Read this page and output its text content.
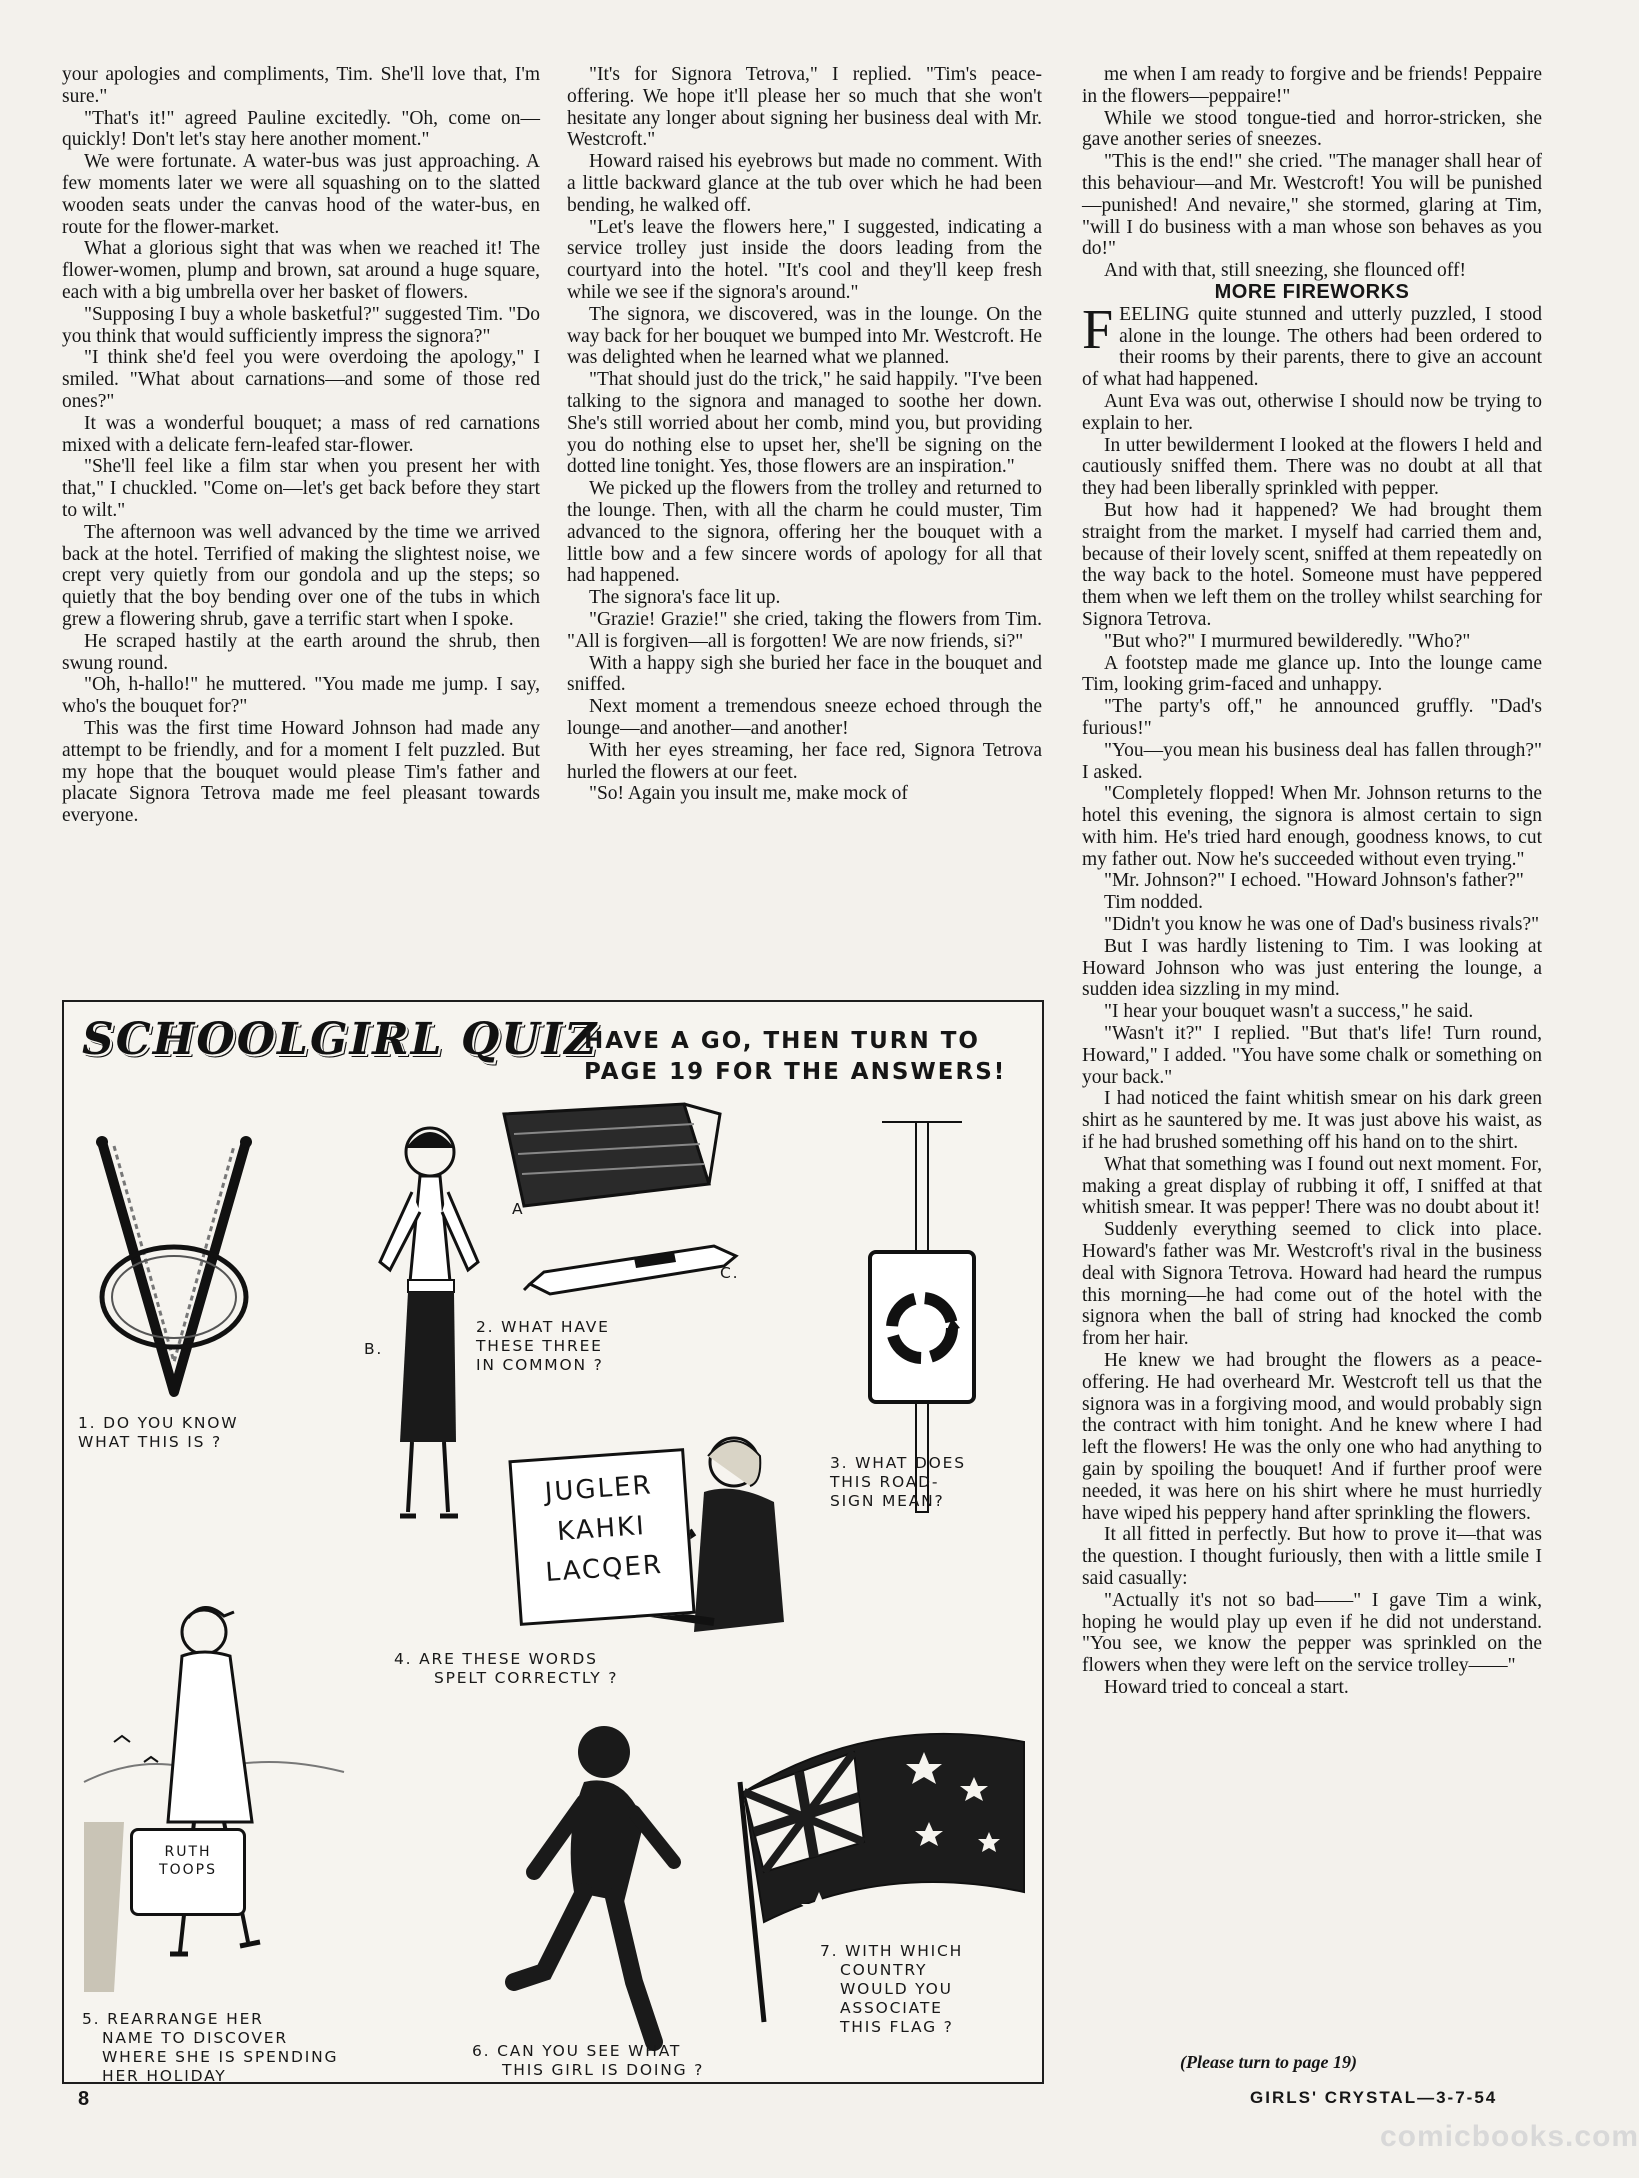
your apologies and compliments, Tim. She'll love that, I'm sure."

"That's it!" agreed Pauline excitedly. "Oh, come on—quickly! Don't let's stay here another moment."

We were fortunate. A water-bus was just approaching. A few moments later we were all squashing on to the slatted wooden seats under the canvas hood of the water-bus, en route for the flower-market.

What a glorious sight that was when we reached it! The flower-women, plump and brown, sat around a huge square, each with a big umbrella over her basket of flowers.

"Supposing I buy a whole basketful?" suggested Tim. "Do you think that would sufficiently impress the signora?"

"I think she'd feel you were overdoing the apology," I smiled. "What about carnations—and some of those red ones?"

It was a wonderful bouquet; a mass of red carnations mixed with a delicate fern-leafed star-flower.

"She'll feel like a film star when you present her with that," I chuckled. "Come on—let's get back before they start to wilt."

The afternoon was well advanced by the time we arrived back at the hotel. Terrified of making the slightest noise, we crept very quietly from our gondola and up the steps; so quietly that the boy bending over one of the tubs in which grew a flowering shrub, gave a terrific start when I spoke.

He scraped hastily at the earth around the shrub, then swung round.

"Oh, h-hallo!" he muttered. "You made me jump. I say, who's the bouquet for?"

This was the first time Howard Johnson had made any attempt to be friendly, and for a moment I felt puzzled. But my hope that the bouquet would please Tim's father and placate Signora Tetrova made me feel pleasant towards everyone.

"It's for Signora Tetrova," I replied. "Tim's peace-offering. We hope it'll please her so much that she won't hesitate any longer about signing her business deal with Mr. Westcroft."

Howard raised his eyebrows but made no comment. With a little backward glance at the tub over which he had been bending, he walked off.

"Let's leave the flowers here," I suggested, indicating a service trolley just inside the doors leading from the courtyard into the hotel. "It's cool and they'll keep fresh while we see if the signora's around."

The signora, we discovered, was in the lounge. On the way back for her bouquet we bumped into Mr. Westcroft. He was delighted when he learned what we planned.

"That should just do the trick," he said happily. "I've been talking to the signora and managed to soothe her down. She's still worried about her comb, mind you, but providing you do nothing else to upset her, she'll be signing on the dotted line tonight. Yes, those flowers are an inspiration."

We picked up the flowers from the trolley and returned to the lounge. Then, with all the charm he could muster, Tim advanced to the signora, offering her the bouquet with a little bow and a few sincere words of apology for all that had happened.

The signora's face lit up.

"Grazie! Grazie!" she cried, taking the flowers from Tim. "All is forgiven—all is forgotten! We are now friends, si?"

With a happy sigh she buried her face in the bouquet and sniffed.

Next moment a tremendous sneeze echoed through the lounge—and another—and another!

With her eyes streaming, her face red, Signora Tetrova hurled the flowers at our feet.

"So! Again you insult me, make mock of

me when I am ready to forgive and be friends! Peppaire in the flowers—peppaire!"

While we stood tongue-tied and horror-stricken, she gave another series of sneezes.

"This is the end!" she cried. "The manager shall hear of this behaviour—and Mr. Westcroft! You will be punished—punished! And nevaire," she stormed, glaring at Tim, "will I do business with a man whose son behaves as you do!"

And with that, still sneezing, she flounced off!

MORE FIREWORKS

FEELING quite stunned and utterly puzzled, I stood alone in the lounge. The others had been ordered to their rooms by their parents, there to give an account of what had happened.

Aunt Eva was out, otherwise I should now be trying to explain to her.

In utter bewilderment I looked at the flowers I held and cautiously sniffed them. There was no doubt at all that they had been liberally sprinkled with pepper.

But how had it happened? We had brought them straight from the market. I myself had carried them and, because of their lovely scent, sniffed at them repeatedly on the way back to the hotel. Someone must have peppered them when we left them on the trolley whilst searching for Signora Tetrova.

"But who?" I murmured bewilderedly. "Who?"

A footstep made me glance up. Into the lounge came Tim, looking grim-faced and unhappy.

"The party's off," he announced gruffly. "Dad's furious!"

"You—you mean his business deal has fallen through?" I asked.

"Completely flopped! When Mr. Johnson returns to the hotel this evening, the signora is almost certain to sign with him. He's tried hard enough, goodness knows, to cut my father out. Now he's succeeded without even trying."

"Mr. Johnson?" I echoed. "Howard Johnson's father?"

Tim nodded.

"Didn't you know he was one of Dad's business rivals?"

But I was hardly listening to Tim. I was looking at Howard Johnson who was just entering the lounge, a sudden idea sizzling in my mind.

"I hear your bouquet wasn't a success," he said.

"Wasn't it?" I replied. "But that's life! Turn round, Howard," I added. "You have some chalk or something on your back."

I had noticed the faint whitish smear on his dark green shirt as he sauntered by me. It was just above his waist, as if he had brushed something off his hand on to the shirt.

What that something was I found out next moment. For, making a great display of rubbing it off, I sniffed at that whitish smear. It was pepper! There was no doubt about it!

Suddenly everything seemed to click into place. Howard's father was Mr. Westcroft's rival in the business deal with Signora Tetrova. Howard had heard the rumpus this morning—he had come out of the hotel with the signora when the ball of string had knocked the comb from her hair.

He knew we had brought the flowers as a peace-offering. He had overheard Mr. Westcroft tell us that the signora was in a forgiving mood, and would probably sign the contract with him tonight. And he knew where I had left the flowers! He was the only one who had anything to gain by spoiling the bouquet! And if further proof were needed, it was here on his shirt where he must hurriedly have wiped his peppery hand after sprinkling the flowers.

It all fitted in perfectly. But how to prove it—that was the question. I thought furiously, then with a little smile I said casually:

"Actually it's not so bad——" I gave Tim a wink, hoping he would play up even if he did not understand. "You see, we know the pepper was sprinkled on the flowers when they were left on the service trolley——"

Howard tried to conceal a start.

SCHOOLGIRL QUIZ
HAVE A GO, THEN TURN TO
PAGE 19 FOR THE ANSWERS!
1. DO YOU KNOW
WHAT THIS IS ?
A
B.
C.
2. WHAT HAVE
THESE THREE
IN COMMON ?
3. WHAT DOES
THIS ROAD-
SIGN MEAN?
JUGLER
KAHKI
LACQER
4. ARE THESE WORDS
SPELT CORRECTLY ?
RUTH
TOOPS
5. REARRANGE HER
NAME TO DISCOVER
WHERE SHE IS SPENDING
HER HOLIDAY
6. CAN YOU SEE WHAT
THIS GIRL IS DOING ?
7. WITH WHICH
COUNTRY
WOULD YOU
ASSOCIATE
THIS FLAG ?
(Please turn to page 19)
8	GIRLS' CRYSTAL—3-7-54
comicbooks.com
